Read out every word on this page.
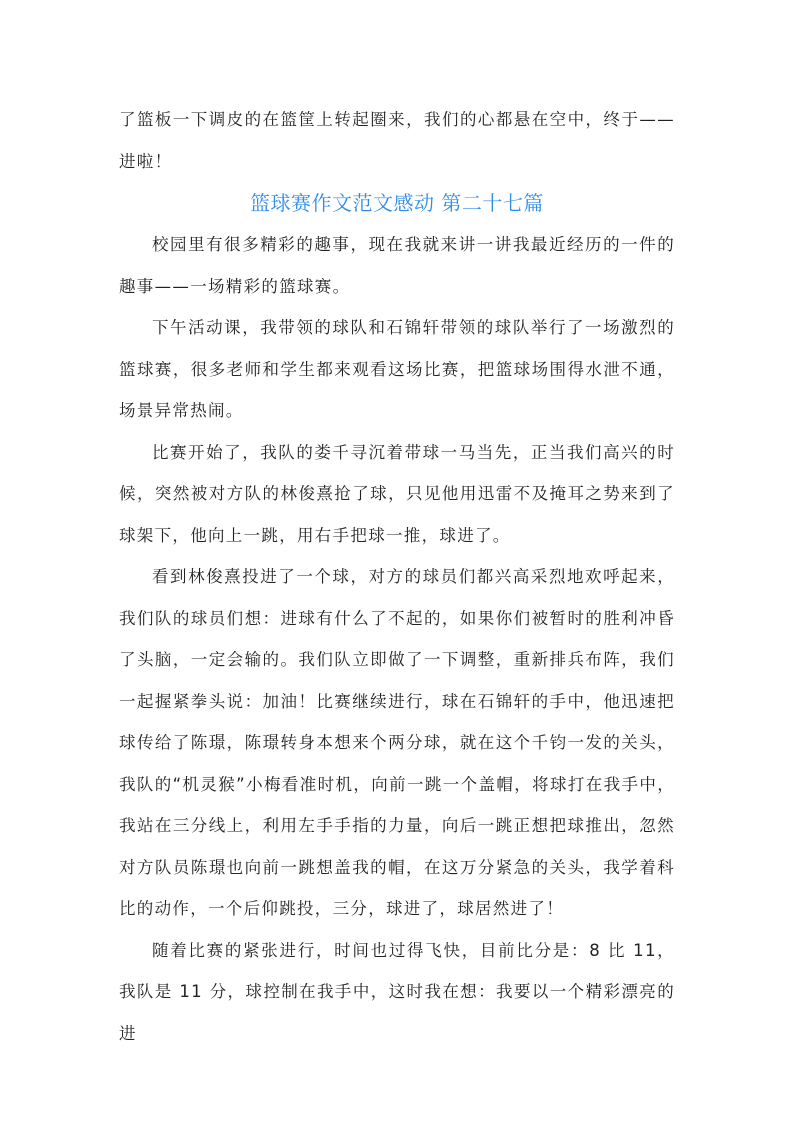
了篮板一下调皮的在篮筐上转起圈来，我们的心都悬在空中，终于——进啦！

篮球赛作文范文感动 第二十七篇

校园里有很多精彩的趣事，现在我就来讲一讲我最近经历的一件的趣事——一场精彩的篮球赛。

下午活动课，我带领的球队和石锦轩带领的球队举行了一场激烈的篮球赛，很多老师和学生都来观看这场比赛，把篮球场围得水泄不通，场景异常热闹。

比赛开始了，我队的娄千寻沉着带球一马当先，正当我们高兴的时候，突然被对方队的林俊熹抢了球，只见他用迅雷不及掩耳之势来到了球架下，他向上一跳，用右手把球一推，球进了。

看到林俊熹投进了一个球，对方的球员们都兴高采烈地欢呼起来，我们队的球员们想：进球有什么了不起的，如果你们被暂时的胜利冲昏了头脑，一定会输的。我们队立即做了一下调整，重新排兵布阵，我们一起握紧拳头说：加油！比赛继续进行，球在石锦轩的手中，他迅速把球传给了陈璟，陈璟转身本想来个两分球，就在这个千钧一发的关头，我队的“机灵猴”小梅看准时机，向前一跳一个盖帽，将球打在我手中，我站在三分线上，利用左手手指的力量，向后一跳正想把球推出，忽然对方队员陈璟也向前一跳想盖我的帽，在这万分紧急的关头，我学着科比的动作，一个后仰跳投，三分，球进了，球居然进了！

随着比赛的紧张进行，时间也过得飞快，目前比分是：8 比 11，我队是 11 分，球控制在我手中，这时我在想：我要以一个精彩漂亮的进
